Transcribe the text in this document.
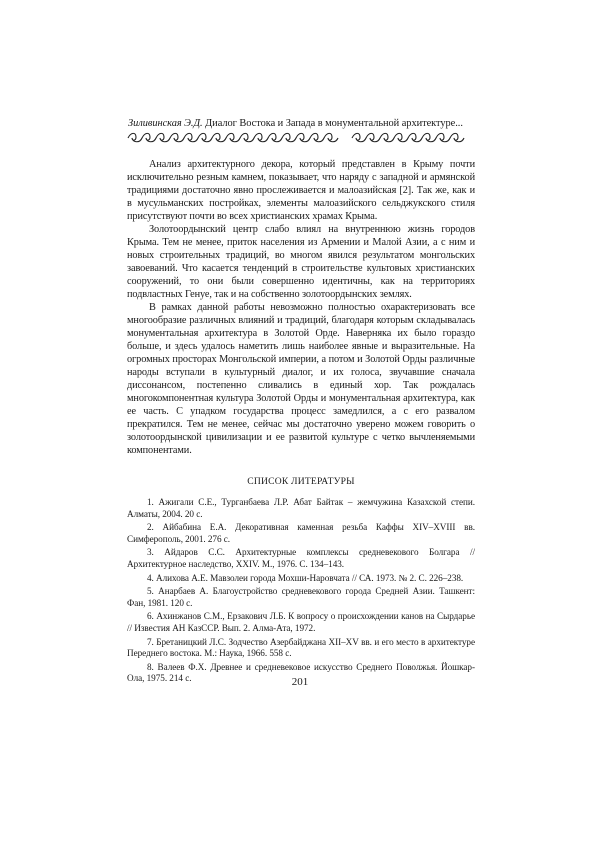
Зиливинская Э.Д. Диалог Востока и Запада в монументальной архитектуре...

Анализ архитектурного декора, который представлен в Крыму почти исключительно резным камнем, показывает, что наряду с западной и армянской традициями достаточно явно прослеживается и малоазийская [2]. Так же, как и в мусульманских постройках, элементы малоазийского сельджукского стиля присутствуют почти во всех христианских храмах Крыма.

Золотоордынский центр слабо влиял на внутреннюю жизнь городов Крыма. Тем не менее, приток населения из Армении и Малой Азии, а с ним и новых строительных традиций, во многом явился результатом монгольских завоеваний. Что касается тенденций в строительстве культовых христианских сооружений, то они были совершенно идентичны, как на территориях подвластных Генуе, так и на собственно золотоордынских землях.

В рамках данной работы невозможно полностью охарактеризовать все многообразие различных влияний и традиций, благодаря которым складывалась монументальная архитектура в Золотой Орде. Наверняка их было гораздо больше, и здесь удалось наметить лишь наиболее явные и выразительные. На огромных просторах Монгольской империи, а потом и Золотой Орды различные народы вступали в культурный диалог, и их голоса, звучавшие сначала диссонансом, постепенно сливались в единый хор. Так рождалась многокомпонентная культура Золотой Орды и монументальная архитектура, как ее часть. С упадком государства процесс замедлился, а с его развалом прекратился. Тем не менее, сейчас мы достаточно уверено можем говорить о золотоордынской цивилизации и ее развитой культуре с четко вычленяемыми компонентами.

СПИСОК ЛИТЕРАТУРЫ
1. Ажигали С.Е., Турганбаева Л.Р. Абат Байтак – жемчужина Казахской степи. Алматы, 2004. 20 с.
2. Айбабина Е.А. Декоративная каменная резьба Каффы XIV–XVIII вв. Симферополь, 2001. 276 с.
3. Айдаров С.С. Архитектурные комплексы средневекового Болгара // Архитектурное наследство, XXIV. М., 1976. С. 134–143.
4. Алихова А.Е. Мавзолеи города Мохши-Наровчата // СА. 1973. № 2. С. 226–238.
5. Анарбаев А. Благоустройство средневекового города Средней Азии. Ташкент: Фан, 1981. 120 с.
6. Ахинжанов С.М., Ерзакович Л.Б. К вопросу о происхождении канов на Сырдарье // Известия АН КазССР. Вып. 2. Алма-Ата, 1972.
7. Бретаницкий Л.С. Зодчество Азербайджана XII–XV вв. и его место в архитектуре Переднего востока. М.: Наука, 1966. 558 с.
8. Валеев Ф.Х. Древнее и средневековое искусство Среднего Поволжья. Йошкар-Ола, 1975. 214 с.	201
